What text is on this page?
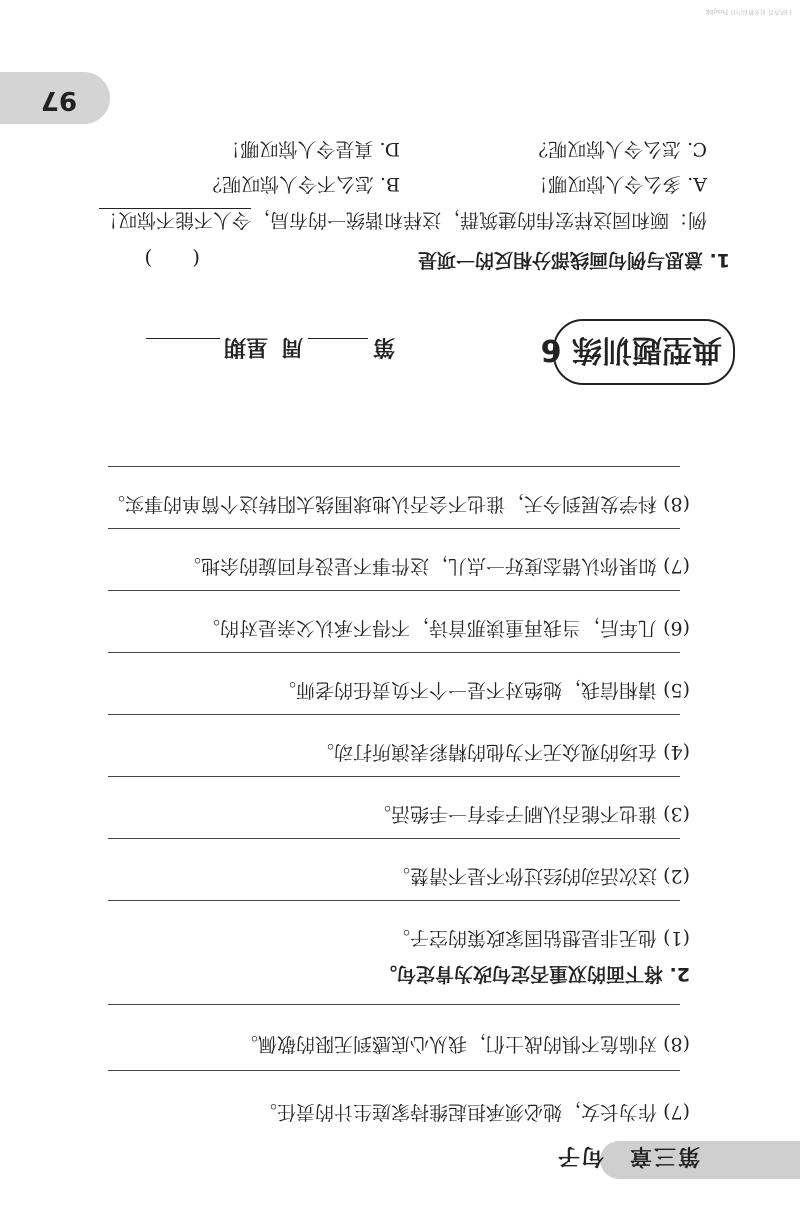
第三章　句子
(7) 作为长女，她必须承担起维持家庭生计的责任。
(8) 对临危不惧的战士们，我从心底感到无限的敬佩。
2. 将下面的双重否定句改为肯定句。
(1) 他无非是想钻国家政策的空子。
(2) 这次活动的经过你不是不清楚。
(3) 谁也不能否认刷子李有一手绝活。
(4) 在场的观众无不为他的精彩表演所打动。
(5) 请相信我，她绝对不是一个不负责任的老师。
(6) 几年后，当我再重读那首诗，不得不承认父亲是对的。
(7) 如果你认错态度好一点儿，这件事不是没有回旋的余地。
(8) 科学发展到今天，谁也不会否认地球围绕太阳转这个简单的事实。
典型题训练 6
第
周
星期
1. 意思与例句画线部分相反的一项是
(　　)
例：颐和园这样宏伟的建筑群，这样和谐统一的布局，令人不能不惊叹！
A. 多么令人惊叹哪！
B. 怎么不令人惊叹呢？
C. 怎么令人惊叹呢？
D. 真是令人惊叹哪！
97
扫码查看 更多精彩内容 Pengbk
